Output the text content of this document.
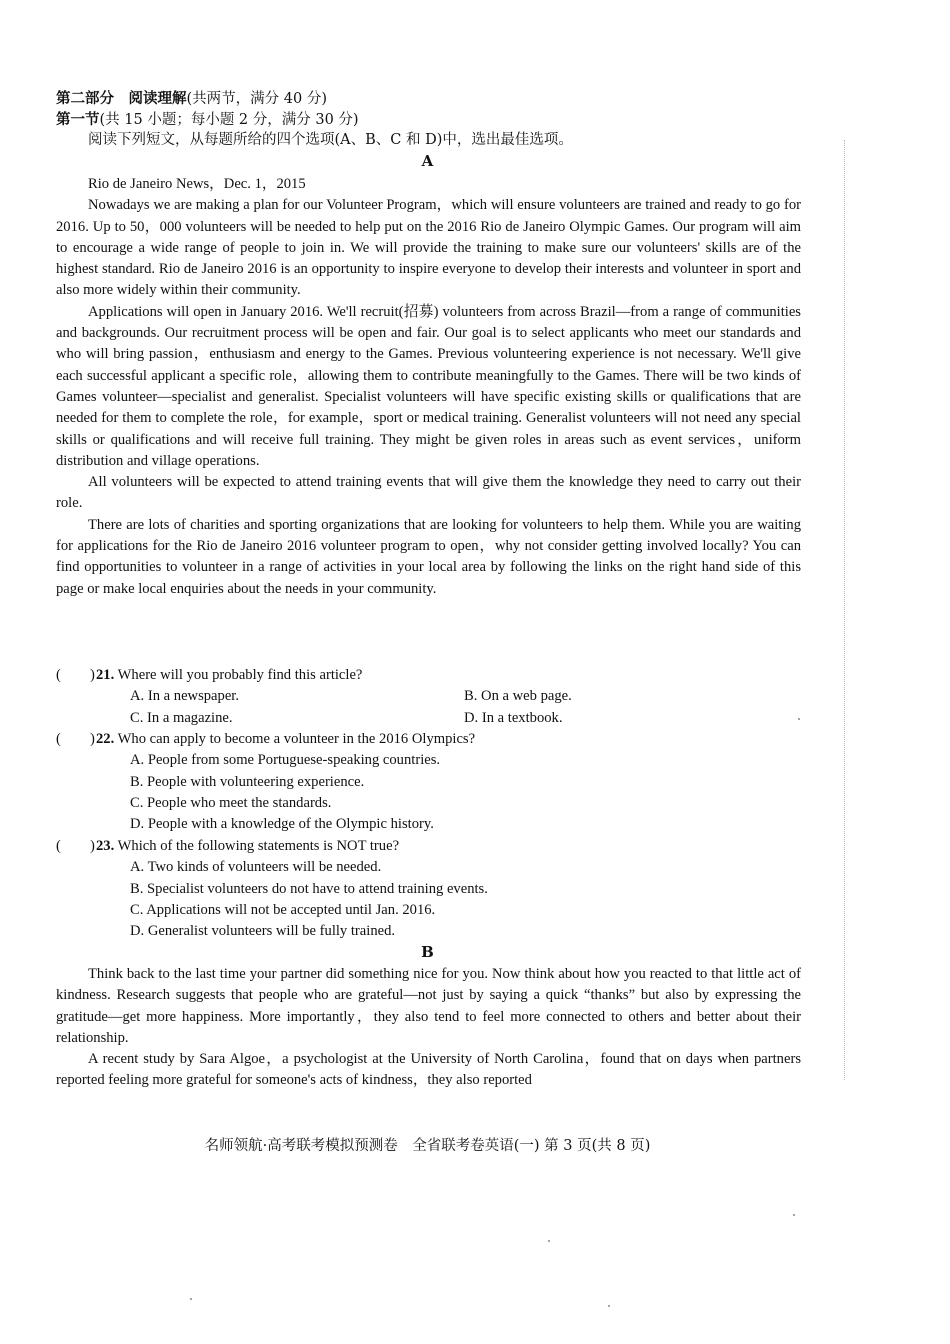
第二部分　阅读理解(共两节，满分 40 分)
第一节(共 15 小题；每小题 2 分，满分 30 分)
阅读下列短文，从每题所给的四个选项(A、B、C 和 D)中，选出最佳选项。
A

Rio de Janeiro News，Dec. 1，2015

Nowadays we are making a plan for our Volunteer Program，which will ensure volunteers are trained and ready to go for 2016. Up to 50，000 volunteers will be needed to help put on the 2016 Rio de Janeiro Olympic Games. Our program will aim to encourage a wide range of people to join in. We will provide the training to make sure our volunteers' skills are of the highest standard. Rio de Janeiro 2016 is an opportunity to inspire everyone to develop their interests and volunteer in sport and also more widely within their community.

Applications will open in January 2016. We'll recruit(招募) volunteers from across Brazil—from a range of communities and backgrounds. Our recruitment process will be open and fair. Our goal is to select applicants who meet our standards and who will bring passion，enthusiasm and energy to the Games. Previous volunteering experience is not necessary. We'll give each successful applicant a specific role，allowing them to contribute meaningfully to the Games. There will be two kinds of Games volunteer—specialist and generalist. Specialist volunteers will have specific existing skills or qualifications that are needed for them to complete the role，for example，sport or medical training. Generalist volunteers will not need any special skills or qualifications and will receive full training. They might be given roles in areas such as event services，uniform distribution and village operations.

All volunteers will be expected to attend training events that will give them the knowledge they need to carry out their role.

There are lots of charities and sporting organizations that are looking for volunteers to help them. While you are waiting for applications for the Rio de Janeiro 2016 volunteer program to open，why not consider getting involved locally? You can find opportunities to volunteer in a range of activities in your local area by following the links on the right hand side of this page or make local enquiries about the needs in your community.

(　　) 21. Where will you probably find this article?
A. In a newspaper.	B. On a web page.
C. In a magazine.	D. In a textbook.
(　　) 22. Who can apply to become a volunteer in the 2016 Olympics?
A. People from some Portuguese-speaking countries.
B. People with volunteering experience.
C. People who meet the standards.
D. People with a knowledge of the Olympic history.
(　　) 23. Which of the following statements is NOT true?
A. Two kinds of volunteers will be needed.
B. Specialist volunteers do not have to attend training events.
C. Applications will not be accepted until Jan. 2016.
D. Generalist volunteers will be fully trained.
B

Think back to the last time your partner did something nice for you. Now think about how you reacted to that little act of kindness. Research suggests that people who are grateful—not just by saying a quick “thanks” but also by expressing the gratitude—get more happiness. More importantly，they also tend to feel more connected to others and better about their relationship.

A recent study by Sara Algoe，a psychologist at the University of North Carolina，found that on days when partners reported feeling more grateful for someone's acts of kindness，they also reported

名师领航·高考联考模拟预测卷　全省联考卷英语(一) 第 3 页(共 8 页)
